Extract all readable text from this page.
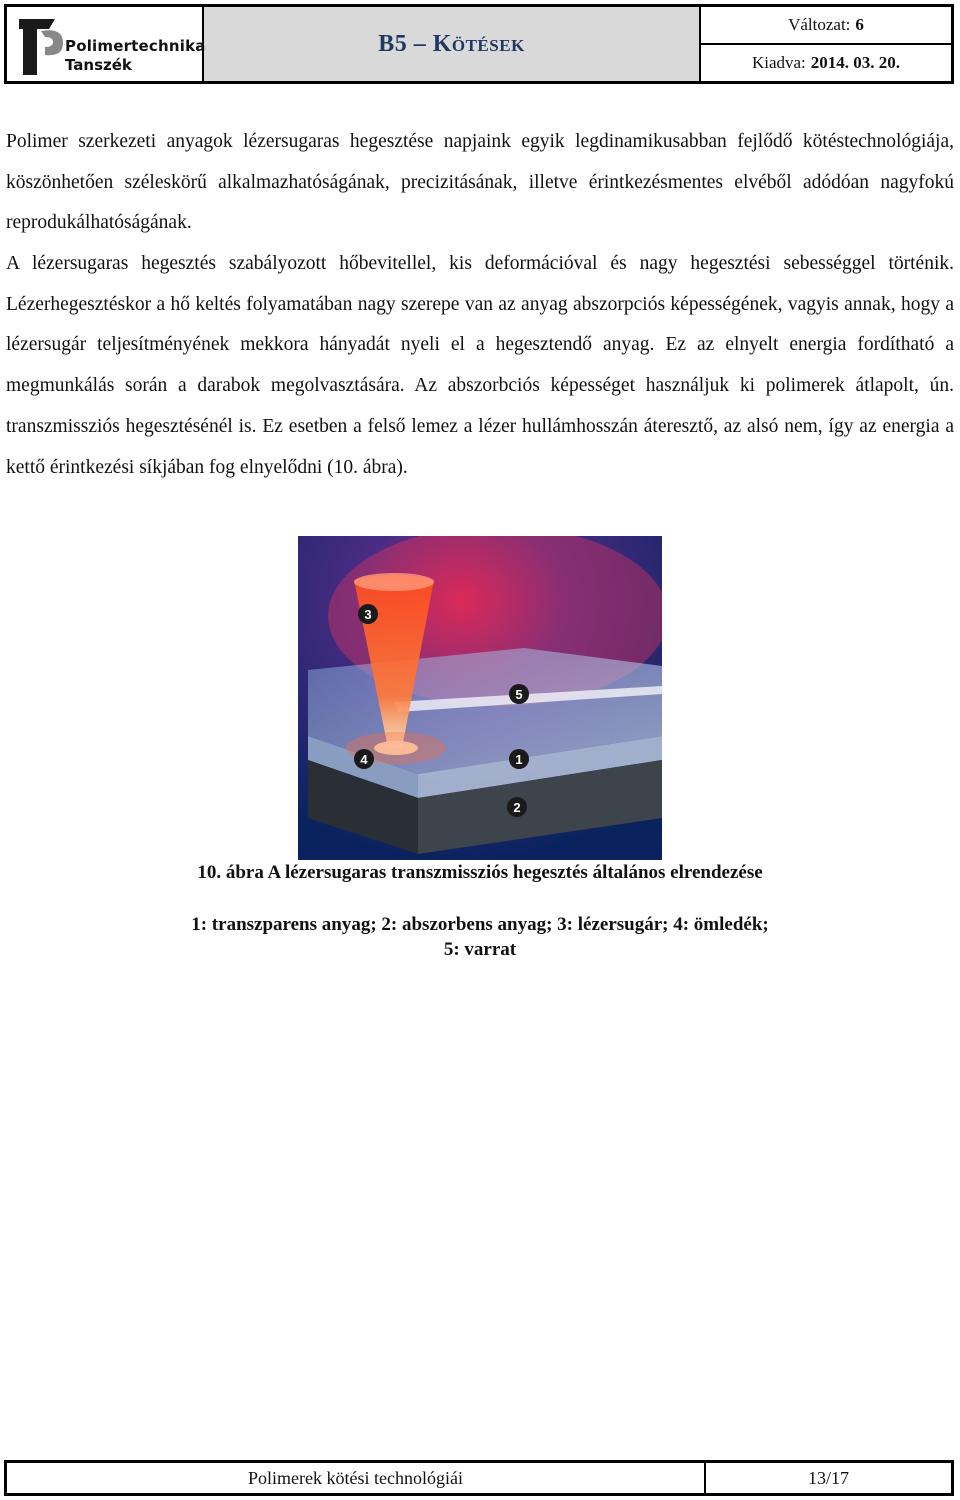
Polimertechnika
Tanszék
B5 – Kötések
Változat: 6
Kiadva: 2014. 03. 20.

Polimer szerkezeti anyagok lézersugaras hegesztése napjaink egyik legdinamikusabban fejlődő kötéstechnológiája, köszönhetően széleskörű alkalmazhatóságának, precizitásának, illetve érintkezésmentes elvéből adódóan nagyfokú reprodukálhatóságának.

A lézersugaras hegesztés szabályozott hőbevitellel, kis deformációval és nagy hegesztési sebességgel történik. Lézerhegesztéskor a hő keltés folyamatában nagy szerepe van az anyag abszorpciós képességének, vagyis annak, hogy a lézersugár teljesítményének mekkora hányadát nyeli el a hegesztendő anyag. Ez az elnyelt energia fordítható a megmunkálás során a darabok megolvasztására. Az abszorbciós képességet használjuk ki polimerek átlapolt, ún. transzmissziós hegesztésénél is. Ez esetben a felső lemez a lézer hullámhosszán áteresztő, az alsó nem, így az energia a kettő érintkezési síkjában fog elnyelődni (10. ábra).

3
5
4	1
2

10. ábra A lézersugaras transzmissziós hegesztés általános elrendezése

1: transzparens anyag; 2: abszorbens anyag; 3: lézersugár; 4: ömledék;
5: varrat

Polimerek kötési technológiái	13/17
